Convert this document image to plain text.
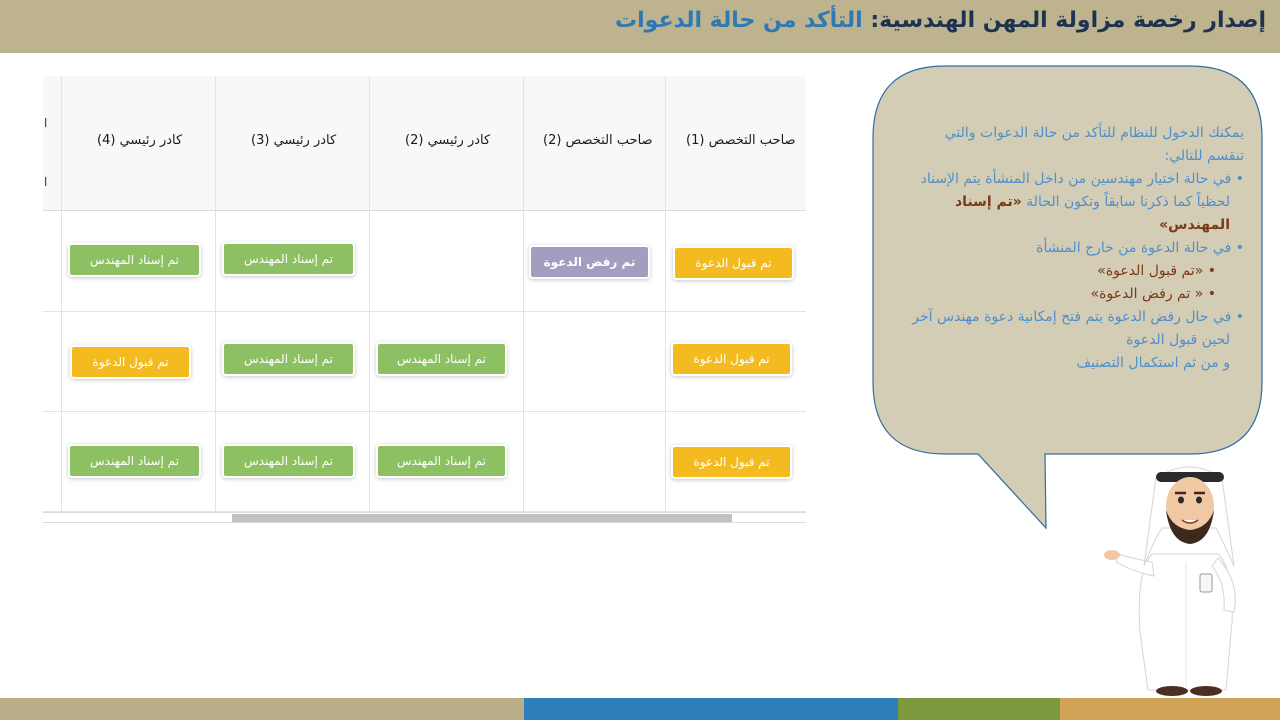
إصدار رخصة مزاولة المهن الهندسية: التأكد من حالة الدعوات
ا
ا
صاحب التخصص (1)
صاحب التخصص (2)
كادر رئيسي (2)
كادر رئيسي (3)
كادر رئيسي (4)
تم قبول الدعوة
تم رفض الدعوة
تم إسناد المهندس
تم إسناد المهندس
تم قبول الدعوة
تم إسناد المهندس
تم إسناد المهندس
تم قبول الدعوة
تم قبول الدعوة
تم إسناد المهندس
تم إسناد المهندس
تم إسناد المهندس
يمكنك الدخول للنظام للتأكد من حالة الدعوات والتي
تنقسم للتالي:
• في حالة اختيار مهندسين من داخل المنشأة يتم الإسناد
لحظياً كما ذكرنا سابقاً وتكون الحالة «تم إسناد
المهندس»
• في حالة الدعوة من خارج المنشأة
• «تم قبول الدعوة»
• « تم رفض الدعوة»
• في حال رفض الدعوة يتم فتح إمكانية دعوة مهندس آخر
لحين قبول الدعوة
و من ثم استكمال التصنيف
